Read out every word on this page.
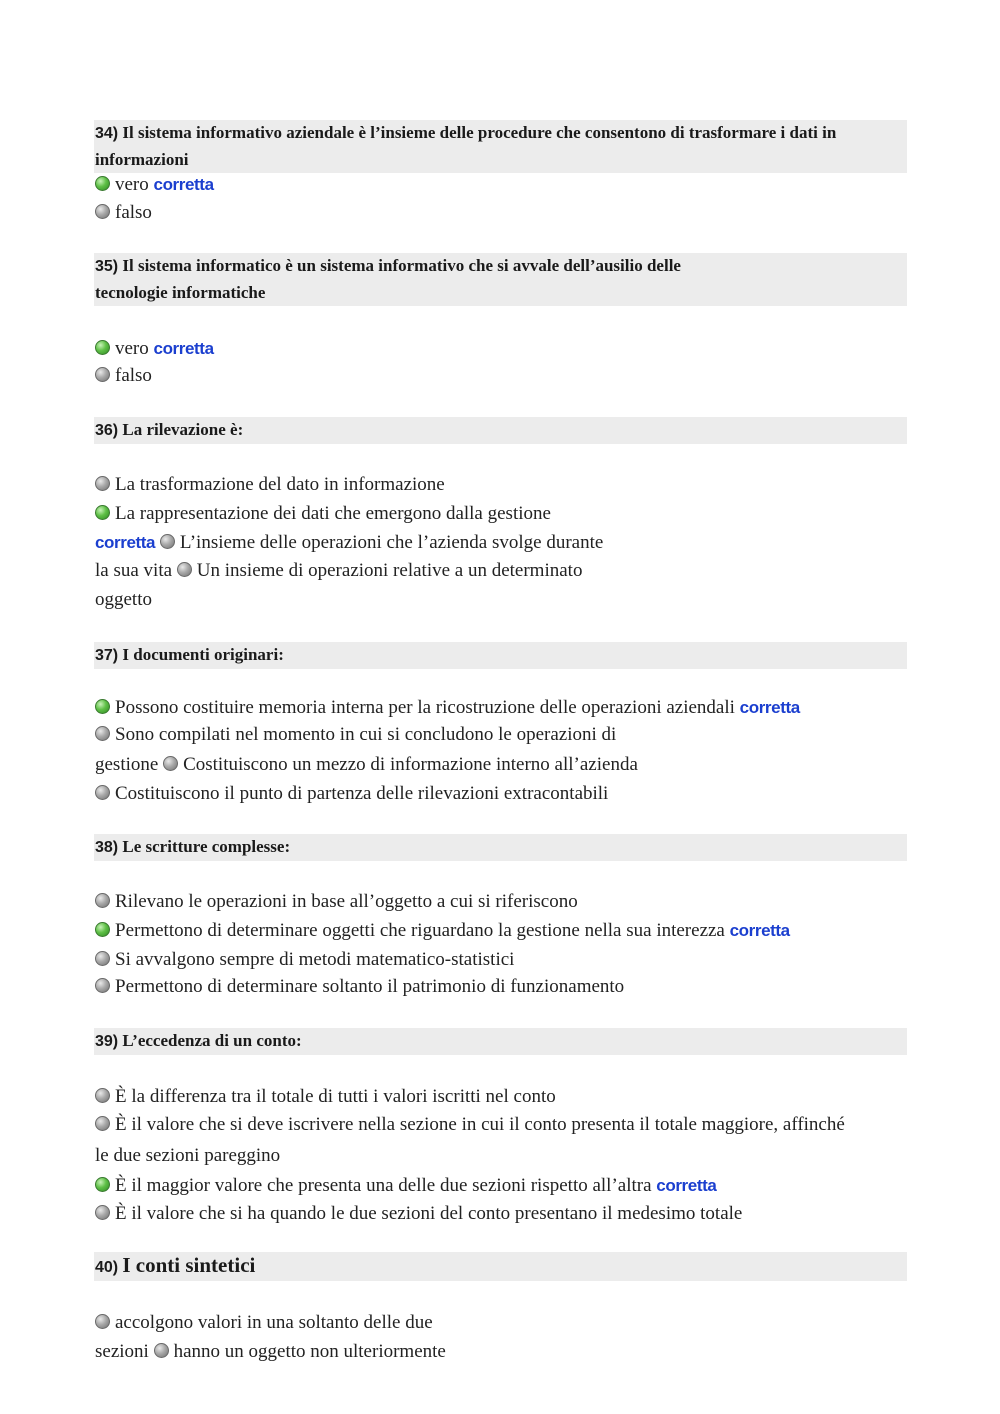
34) Il sistema informativo aziendale è l’insieme delle procedure che consentono di trasformare i dati in
informazioni
vero corretta
falso
35) Il sistema informatico è un sistema informativo che si avvale dell’ausilio delle
tecnologie informatiche
vero corretta
falso
36) La rilevazione è:
La trasformazione del dato in informazione
La rappresentazione dei dati che emergono dalla gestione
corretta L’insieme delle operazioni che l’azienda svolge durante
la sua vita Un insieme di operazioni relative a un determinato
oggetto
37) I documenti originari:
Possono costituire memoria interna per la ricostruzione delle operazioni aziendali corretta
Sono compilati nel momento in cui si concludono le operazioni di
gestione Costituiscono un mezzo di informazione interno all’azienda
Costituiscono il punto di partenza delle rilevazioni extracontabili
38) Le scritture complesse:
Rilevano le operazioni in base all’oggetto a cui si riferiscono
Permettono di determinare oggetti che riguardano la gestione nella sua interezza corretta
Si avvalgono sempre di metodi matematico-statistici
Permettono di determinare soltanto il patrimonio di funzionamento
39) L’eccedenza di un conto:
È la differenza tra il totale di tutti i valori iscritti nel conto
È il valore che si deve iscrivere nella sezione in cui il conto presenta il totale maggiore, affinché
le due sezioni pareggino
È il maggior valore che presenta una delle due sezioni rispetto all’altra corretta
È il valore che si ha quando le due sezioni del conto presentano il medesimo totale
40) I conti sintetici
accolgono valori in una soltanto delle due
sezioni hanno un oggetto non ulteriormente
